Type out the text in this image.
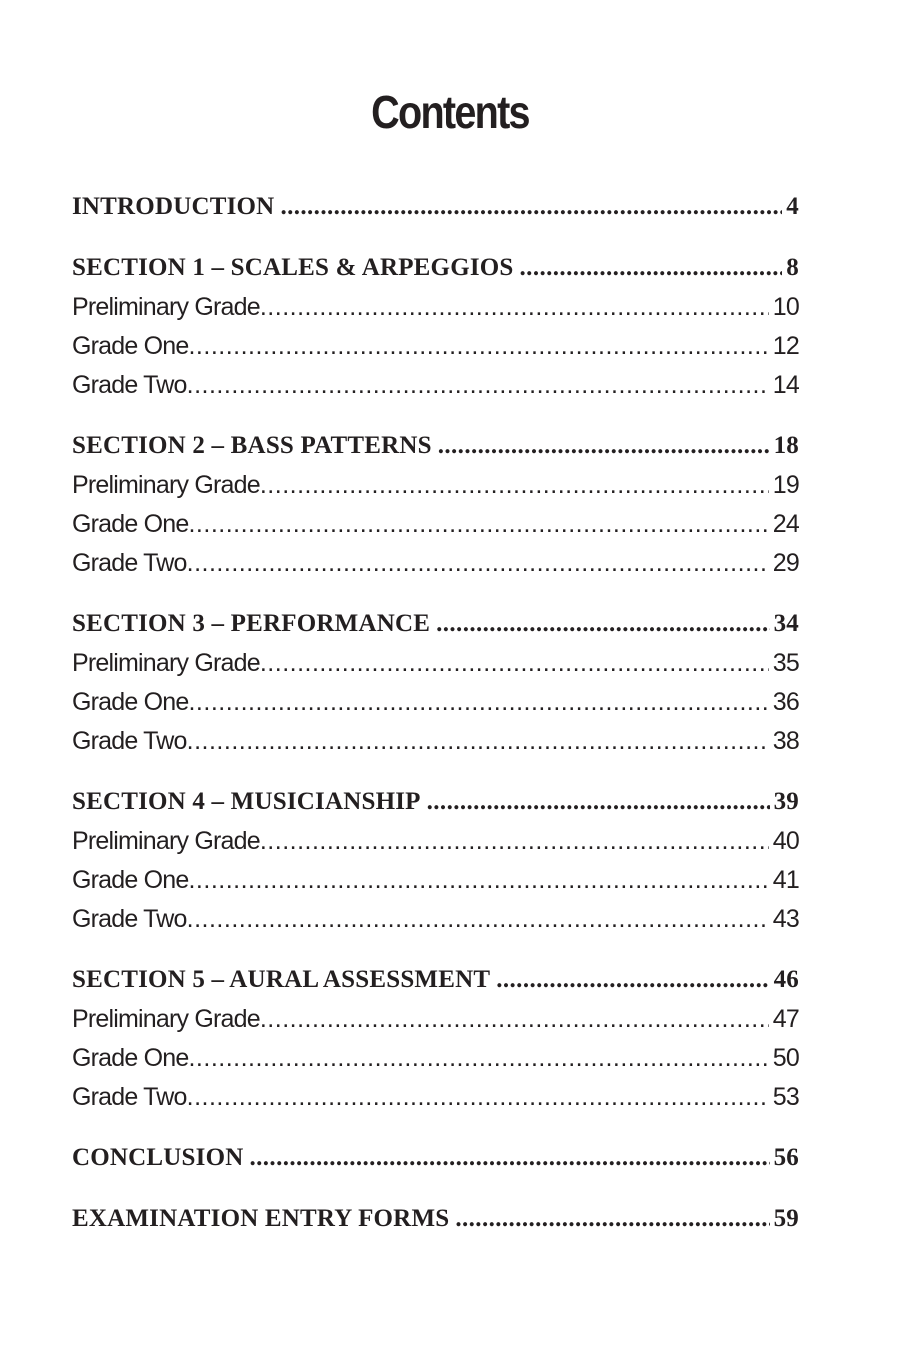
Contents
INTRODUCTION .....	4
SECTION 1 – SCALES & ARPEGGIOS .....	8
Preliminary Grade .....	10
Grade One .....	12
Grade Two .....	14
SECTION 2 – BASS PATTERNS .....	18
Preliminary Grade .....	19
Grade One .....	24
Grade Two .....	29
SECTION 3 – PERFORMANCE .....	34
Preliminary Grade .....	35
Grade One .....	36
Grade Two .....	38
SECTION 4 – MUSICIANSHIP .....	39
Preliminary Grade .....	40
Grade One .....	41
Grade Two .....	43
SECTION 5 – AURAL ASSESSMENT .....	46
Preliminary Grade .....	47
Grade One .....	50
Grade Two .....	53
CONCLUSION .....	56
EXAMINATION ENTRY FORMS .....	59
